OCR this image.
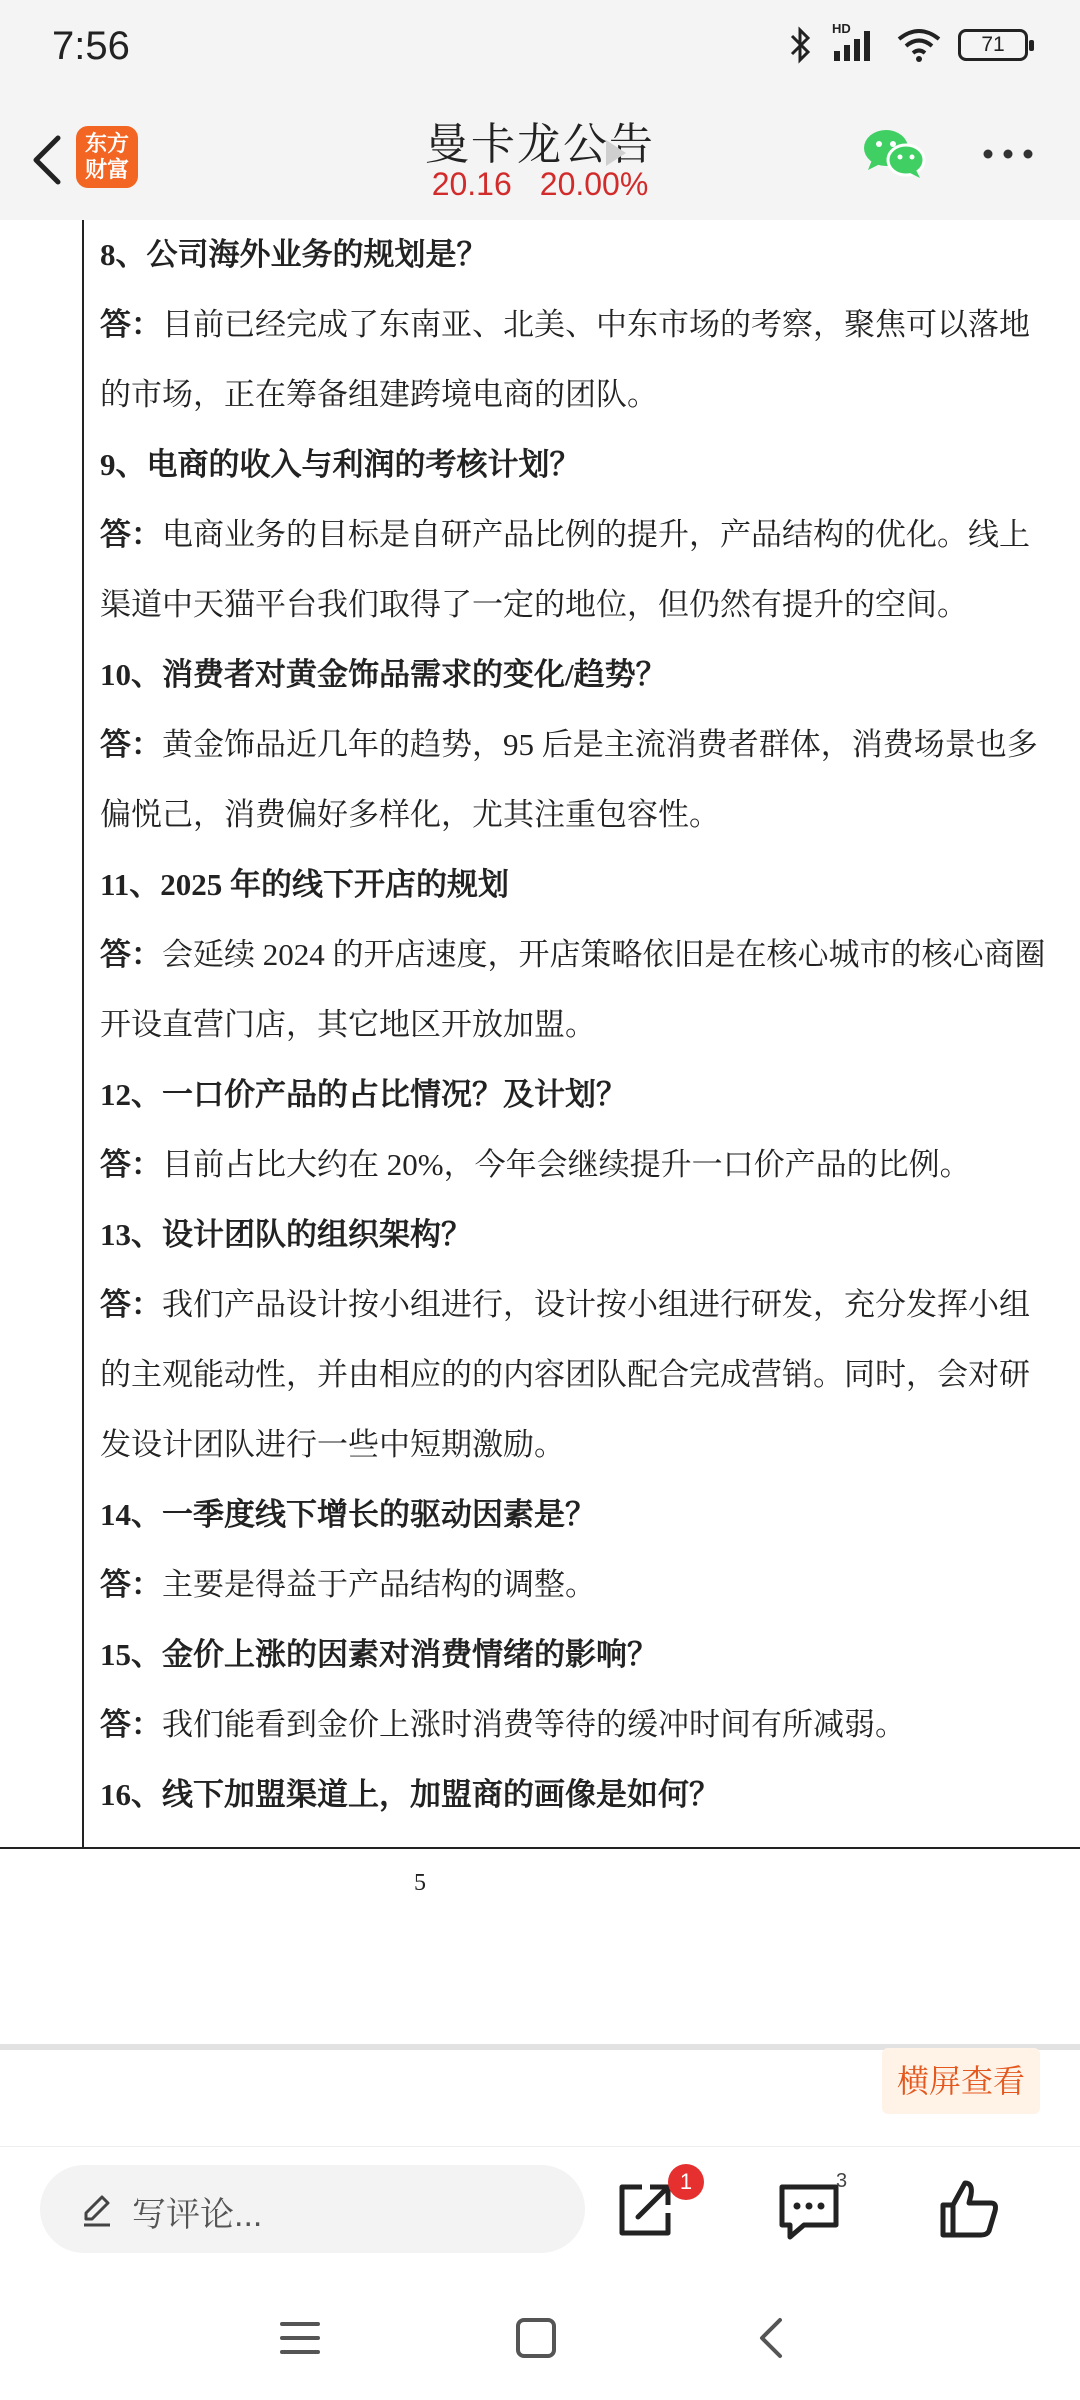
7:56	HD
71
东方
财富
曼卡龙公告
20.16 20.00%
8、公司海外业务的规划是？
答：目前已经完成了东南亚、北美、中东市场的考察，聚焦可以落地的市场，正在筹备组建跨境电商的团队。
9、电商的收入与利润的考核计划？
答：电商业务的目标是自研产品比例的提升，产品结构的优化。线上渠道中天猫平台我们取得了一定的地位，但仍然有提升的空间。
10、消费者对黄金饰品需求的变化/趋势？
答：黄金饰品近几年的趋势，95 后是主流消费者群体，消费场景也多偏悦己，消费偏好多样化，尤其注重包容性。
11、2025 年的线下开店的规划
答：会延续 2024 的开店速度，开店策略依旧是在核心城市的核心商圈开设直营门店，其它地区开放加盟。
12、一口价产品的占比情况？及计划？
答：目前占比大约在 20%，今年会继续提升一口价产品的比例。
13、设计团队的组织架构？
答：我们产品设计按小组进行，设计按小组进行研发，充分发挥小组的主观能动性，并由相应的的内容团队配合完成营销。同时，会对研发设计团队进行一些中短期激励。
14、一季度线下增长的驱动因素是？
答：主要是得益于产品结构的调整。
15、金价上涨的因素对消费情绪的影响？
答：我们能看到金价上涨时消费等待的缓冲时间有所减弱。
16、线下加盟渠道上，加盟商的画像是如何？
5
横屏查看
写评论...
1	3
